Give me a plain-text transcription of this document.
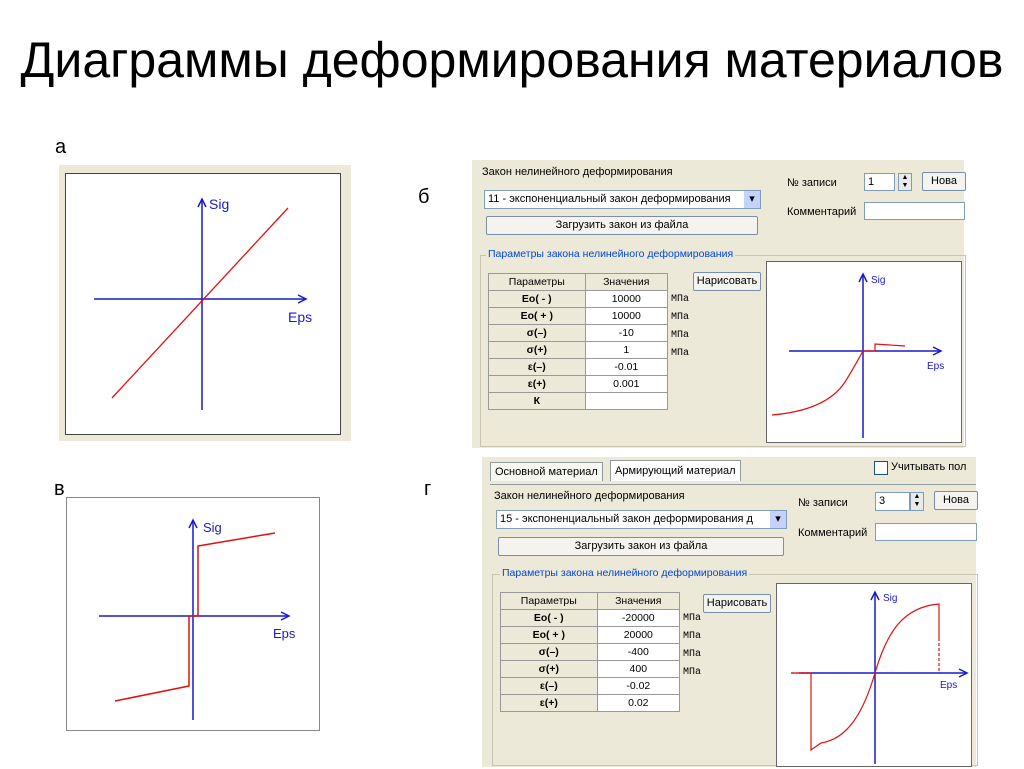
Диаграммы деформирования материалов
а
б
в	г
Sig
Eps
Sig
Eps
Закон нелинейного деформирования
11 - экспоненциальный закон деформирования	▾
Загрузить закон из файла
№ записи	1	▲
▼	Нова
Комментарий
Параметры закона нелинейного деформирования
Параметры	Значения
Eo( - )	10000
Eo( + )	10000
σ(–)	-10
σ(+)	1
ε(–)	-0.01
ε(+)	0.001
К	
МПа
МПа
МПа
МПа
Нарисовать	Sig
Eps
Основной материал	Армирующий материал	Учитывать пол
Закон нелинейного деформирования
15 - экспоненциальный закон деформирования д	▾
Загрузить закон из файла
№ записи	3	▲
▼	Нова
Комментарий
Параметры закона нелинейного деформирования
Параметры	Значения
Eo( - )	-20000
Eo( + )	20000
σ(–)	-400
σ(+)	400
ε(–)	-0.02
ε(+)	0.02
МПа
МПа
МПа
МПа
Нарисовать	Sig
Eps
